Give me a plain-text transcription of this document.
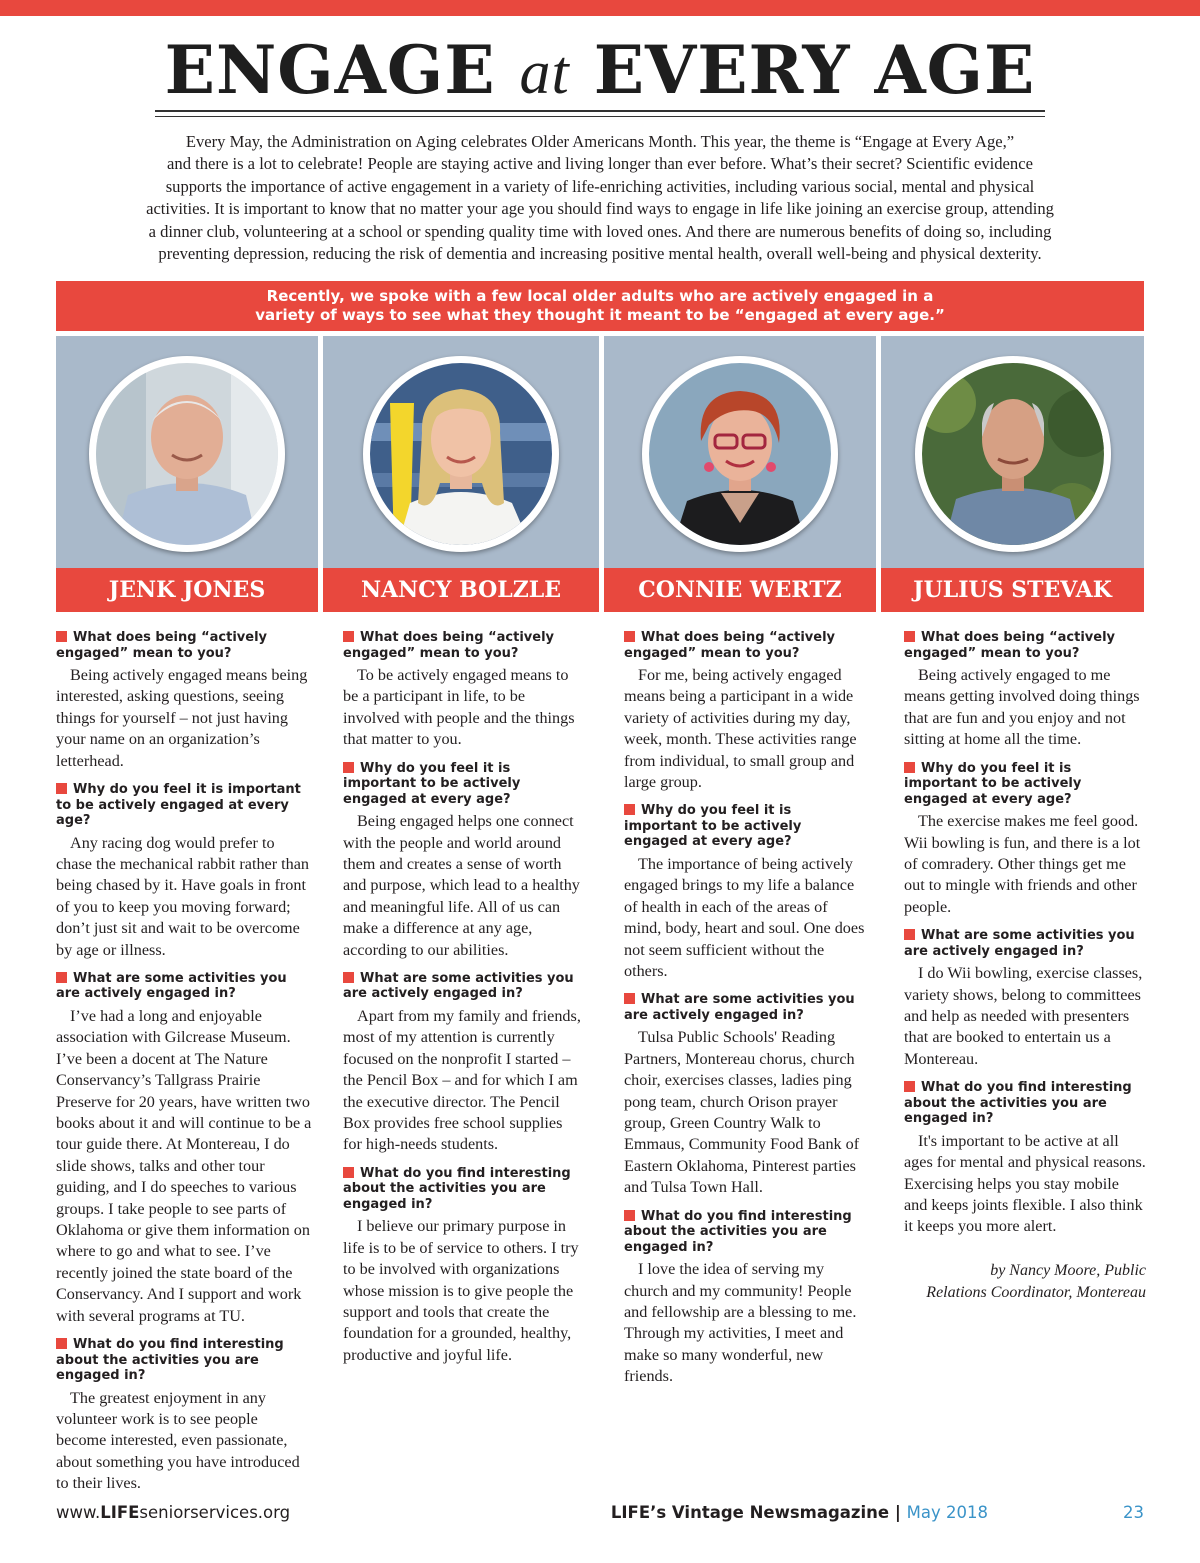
ENGAGE at EVERY AGE
Every May, the Administration on Aging celebrates Older Americans Month. This year, the theme is “Engage at Every Age,”
and there is a lot to celebrate! People are staying active and living longer than ever before. What’s their secret? Scientific evidence
supports the importance of active engagement in a variety of life-enriching activities, including various social, mental and physical
activities. It is important to know that no matter your age you should find ways to engage in life like joining an exercise group, attending
a dinner club, volunteering at a school or spending quality time with loved ones. And there are numerous benefits of doing so, including
preventing depression, reducing the risk of dementia and increasing positive mental health, overall well-being and physical dexterity.
Recently, we spoke with a few local older adults who are actively engaged in a
variety of ways to see what they thought it meant to be “engaged at every age.”
JENK JONES	NANCY BOLZLE	CONNIE WERTZ	JULIUS STEVAK
What does being “actively engaged” mean to you?
Being actively engaged means being interested, asking questions, seeing things for yourself – not just having your name on an organization’s letterhead.
Why do you feel it is important to be actively engaged at every age?
Any racing dog would prefer to chase the mechanical rabbit rather than being chased by it. Have goals in front of you to keep you moving forward; don’t just sit and wait to be overcome by age or illness.
What are some activities you are actively engaged in?
I’ve had a long and enjoyable association with Gilcrease Museum. I’ve been a docent at The Nature Conservancy’s Tallgrass Prairie Preserve for 20 years, have written two books about it and will continue to be a tour guide there. At Montereau, I do slide shows, talks and other tour guiding, and I do speeches to various groups. I take people to see parts of Oklahoma or give them information on where to go and what to see. I’ve recently joined the state board of the Conservancy. And I support and work with several programs at TU.
What do you find interesting about the activities you are engaged in?
The greatest enjoyment in any volunteer work is to see people become interested, even passionate, about something you have introduced to their lives.
What does being “actively engaged” mean to you?
To be actively engaged means to be a participant in life, to be involved with people and the things that matter to you.
Why do you feel it is important to be actively engaged at every age?
Being engaged helps one connect with the people and world around them and creates a sense of worth and purpose, which lead to a healthy and meaningful life. All of us can make a difference at any age, according to our abilities.
What are some activities you are actively engaged in?
Apart from my family and friends, most of my attention is currently focused on the nonprofit I started – the Pencil Box – and for which I am the executive director. The Pencil Box provides free school supplies for high-needs students.
What do you find interesting about the activities you are engaged in?
I believe our primary purpose in life is to be of service to others. I try to be involved with organizations whose mission is to give people the support and tools that create the foundation for a grounded, healthy, productive and joyful life.
What does being “actively engaged” mean to you?
For me, being actively engaged means being a participant in a wide variety of activities during my day, week, month. These activities range from individual, to small group and large group.
Why do you feel it is important to be actively engaged at every age?
The importance of being actively engaged brings to my life a balance of health in each of the areas of mind, body, heart and soul. One does not seem sufficient without the others.
What are some activities you are actively engaged in?
Tulsa Public Schools' Reading Partners, Montereau chorus, church choir, exercises classes, ladies ping pong team, church Orison prayer group, Green Country Walk to Emmaus, Community Food Bank of Eastern Oklahoma, Pinterest parties and Tulsa Town Hall.
What do you find interesting about the activities you are engaged in?
I love the idea of serving my church and my community! People and fellowship are a blessing to me. Through my activities, I meet and make so many wonderful, new friends.
What does being “actively engaged” mean to you?
Being actively engaged to me means getting involved doing things that are fun and you enjoy and not sitting at home all the time.
Why do you feel it is important to be actively engaged at every age?
The exercise makes me feel good. Wii bowling is fun, and there is a lot of comradery. Other things get me out to mingle with friends and other people.
What are some activities you are actively engaged in?
I do Wii bowling, exercise classes, variety shows, belong to committees and help as needed with presenters that are booked to entertain us a Montereau.
What do you find interesting about the activities you are engaged in?
It's important to be active at all ages for mental and physical reasons. Exercising helps you stay mobile and keeps joints flexible. I also think it keeps you more alert.
by Nancy Moore, Public
Relations Coordinator, Montereau
www.LIFEseniorservices.org	LIFE’s Vintage Newsmagazine | May 2018	23
